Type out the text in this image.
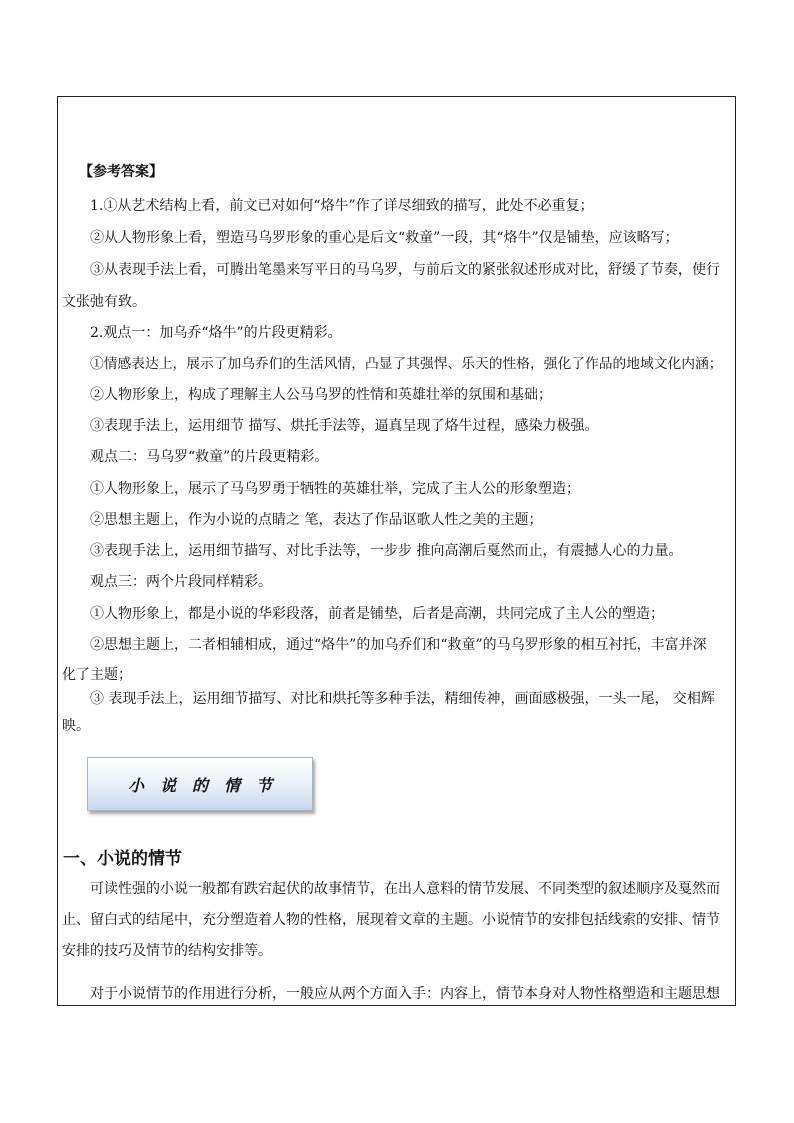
【参考答案】
1.①从艺术结构上看，前文已对如何“烙牛”作了详尽细致的描写，此处不必重复；
②从人物形象上看，塑造马乌罗形象的重心是后文“救童”一段，其“烙牛”仅是铺垫，应该略写；
③从表现手法上看，可腾出笔墨来写平日的马乌罗，与前后文的紧张叙述形成对比，舒缓了节奏，使行
文张弛有致。
2.观点一：加乌乔“烙牛”的片段更精彩。
①情感表达上，展示了加乌乔们的生活风情，凸显了其强悍、乐天的性格，强化了作品的地域文化内涵；
②人物形象上，构成了理解主人公马乌罗的性情和英雄壮举的氛围和基础；
③表现手法上，运用细节 描写、烘托手法等，逼真呈现了烙牛过程，感染力极强。
观点二：马乌罗“救童”的片段更精彩。
①人物形象上，展示了马乌罗勇于牺牲的英雄壮举，完成了主人公的形象塑造；
②思想主题上，作为小说的点睛之 笔，表达了作品讴歌人性之美的主题；
③表现手法上，运用细节描写、对比手法等，一步步 推向高潮后戛然而止，有震撼人心的力量。
观点三：两个片段同样精彩。
①人物形象上，都是小说的华彩段落，前者是铺垫，后者是高潮，共同完成了主人公的塑造；
②思想主题上，二者相辅相成，通过“烙牛”的加乌乔们和“救童”的马乌罗形象的相互衬托，丰富并深
化了主题；
③ 表现手法上，运用细节描写、对比和烘托等多种手法，精细传神，画面感极强，一头一尾， 交相辉
映。
小说的情节
一、小说的情节
可读性强的小说一般都有跌宕起伏的故事情节，在出人意料的情节发展、不同类型的叙述顺序及戛然而
止、留白式的结尾中，充分塑造着人物的性格，展现着文章的主题。小说情节的安排包括线索的安排、情节
安排的技巧及情节的结构安排等。
对于小说情节的作用进行分析，一般应从两个方面入手：内容上，情节本身对人物性格塑造和主题思想
